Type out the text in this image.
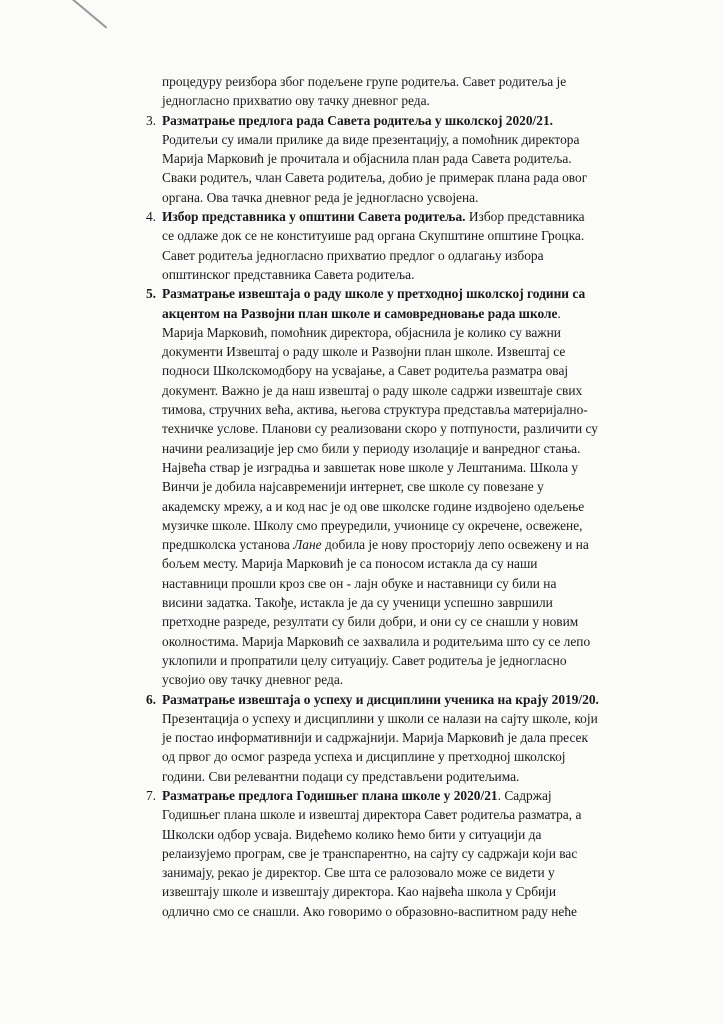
процедуру реизбора због подељене групе родитеља. Савет родитеља је једногласно прихватио ову тачку дневног реда.

3. Разматрање предлога рада Савета родитеља у школској 2020/21. Родитељи су имали прилике да виде презентацију, а помоћник директора Марија Марковић је прочитала и објаснила план рада Савета родитеља. Сваки родитељ, члан Савета родитеља, добио је примерак плана рада овог органа. Ова тачка дневног реда је једногласно усвојена.
4. Избор представника у општини Савета родитеља. Избор представника се одлаже док се не конституише рад органа Скупштине општине Гроцка. Савет родитеља једногласно прихватио предлог о одлагању избора општинског представника Савета родитеља.
5. Разматрање извештаја о раду школе у претходној школској години са акцентом на Развојни план школе и самовредновање рада школе. Марија Марковић, помоћник директора, објаснила је колико су важни документи Извештај о раду школе и Развојни план школе. Извештај се подноси Школскомодбору на усвајање, а Савет родитеља разматра овај документ. Важно је да наш извештај о раду школе садржи извештаје свих тимова, стручних већа, актива, његова структура представља материјално-техничке услове. Планови су реализовани скоро у потпуности, различити су начини реализације јер смо били у периоду изолације и ванредног стања. Највећа ствар је изградња и завшетак нове школе у Лештанима. Школа у Винчи је добила најсавременији интернет, све школе су повезане у академску мрежу, а и код нас је од ове школске године издвојено одељење музичке школе. Школу смо преуредили, учионице су окречене, освежене, предшколска установа Лане добила је нову просторију лепо освежену и на бољем месту. Марија Марковић је са поносом истакла да су наши наставници прошли кроз све он - лајн обуке и наставници су били на висини задатка. Такође, истакла је да су ученици успешно завршили претходне разреде, резултати су били добри, и они су се снашли у новим околностима. Марија Марковић се захвалила и родитељима што су се лепо уклопили и пропратили целу ситуацију. Савет родитеља је једногласно усвојио ову тачку дневног реда.
6. Разматрање извештаја о успеху и дисциплини ученика на крају 2019/20. Презентација о успеху и дисциплини у школи се налази на сајту школе, који је постао информативнији и садржајнији. Марија Марковић је дала пресек од првог до осмог разреда успеха и дисциплине у претходној школској години. Сви релевантни подаци су представљени родитељима.
7. Разматрање предлога Годишњег плана школе у 2020/21. Садржај Годишњег плана школе и извештај директора Савет родитеља разматра, а Школски одбор усваја. Видећемо колико ћемо бити у ситуацији да релаизујемо програм, све је транспарентно, на сајту су садржаји који вас занимају, рекао је директор. Све шта се ралозовало може се видети у извештају школе и извештају директора. Као највећа школа у Србији одлично смо се снашли. Ако говоримо о образовно-васпитном раду неће
